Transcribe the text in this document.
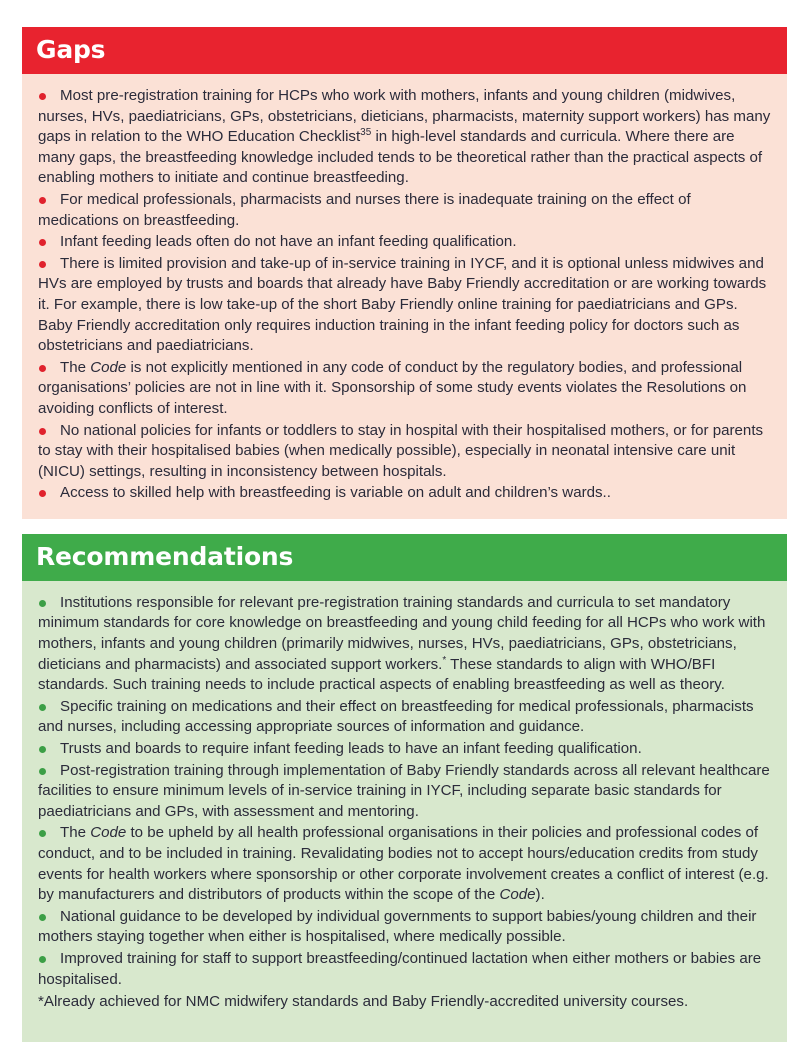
Gaps
Most pre-registration training for HCPs who work with mothers, infants and young children (midwives, nurses, HVs, paediatricians, GPs, obstetricians, dieticians, pharmacists, maternity support workers) has many gaps in relation to the WHO Education Checklist$^{35}$ in high-level standards and curricula. Where there are many gaps, the breastfeeding knowledge included tends to be theoretical rather than the practical aspects of enabling mothers to initiate and continue breastfeeding.
For medical professionals, pharmacists and nurses there is inadequate training on the effect of medications on breastfeeding.
Infant feeding leads often do not have an infant feeding qualification.
There is limited provision and take-up of in-service training in IYCF, and it is optional unless midwives and HVs are employed by trusts and boards that already have Baby Friendly accreditation or are working towards it. For example, there is low take-up of the short Baby Friendly online training for paediatricians and GPs. Baby Friendly accreditation only requires induction training in the infant feeding policy for doctors such as obstetricians and paediatricians.
The Code is not explicitly mentioned in any code of conduct by the regulatory bodies, and professional organisations’ policies are not in line with it. Sponsorship of some study events violates the Resolutions on avoiding conflicts of interest.
No national policies for infants or toddlers to stay in hospital with their hospitalised mothers, or for parents to stay with their hospitalised babies (when medically possible), especially in neonatal intensive care unit (NICU) settings, resulting in inconsistency between hospitals.
Access to skilled help with breastfeeding is variable on adult and children’s wards..
Recommendations
Institutions responsible for relevant pre-registration training standards and curricula to set mandatory minimum standards for core knowledge on breastfeeding and young child feeding for all HCPs who work with mothers, infants and young children (primarily midwives, nurses, HVs, paediatricians, GPs, obstetricians, dieticians and pharmacists) and associated support workers.* These standards to align with WHO/BFI standards. Such training needs to include practical aspects of enabling breastfeeding as well as theory.
Specific training on medications and their effect on breastfeeding for medical professionals, pharmacists and nurses, including accessing appropriate sources of information and guidance.
Trusts and boards to require infant feeding leads to have an infant feeding qualification.
Post-registration training through implementation of Baby Friendly standards across all relevant healthcare facilities to ensure minimum levels of in-service training in IYCF, including separate basic standards for paediatricians and GPs, with assessment and mentoring.
The Code to be upheld by all health professional organisations in their policies and professional codes of conduct, and to be included in training. Revalidating bodies not to accept hours/education credits from study events for health workers where sponsorship or other corporate involvement creates a conflict of interest (e.g. by manufacturers and distributors of products within the scope of the Code).
National guidance to be developed by individual governments to support babies/young children and their mothers staying together when either is hospitalised, where medically possible.
Improved training for staff to support breastfeeding/continued lactation when either mothers or babies are hospitalised.

*Already achieved for NMC midwifery standards and Baby Friendly-accredited university courses.
